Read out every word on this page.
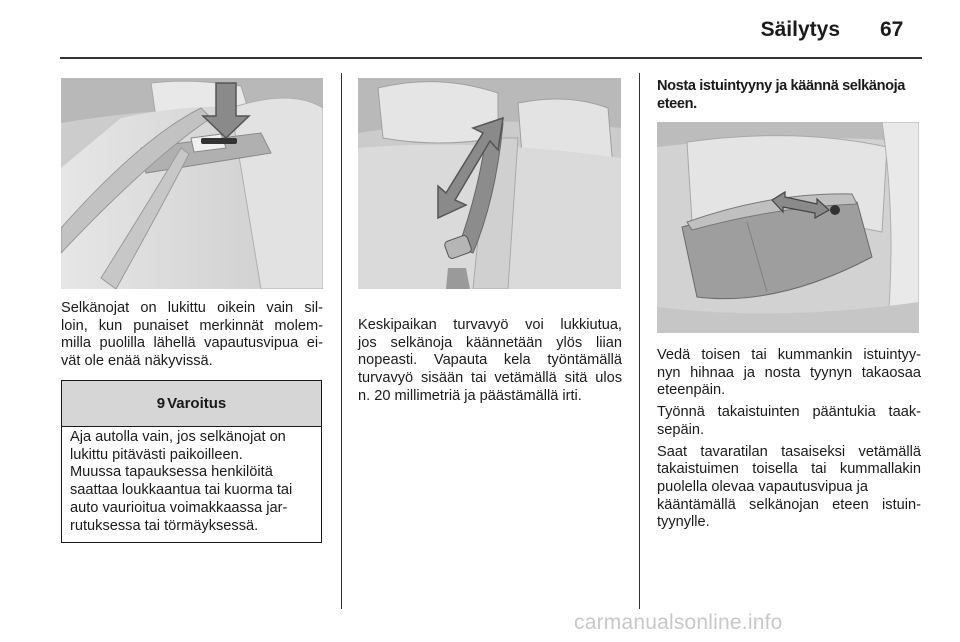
Säilytys 67
Selkänojat on lukittu oikein vain sil-
loin, kun punaiset merkinnät molem-
milla puolilla lähellä vapautusvipua ei-
vät ole enää näkyvissä.
9 Varoitus
Aja autolla vain, jos selkänojat on
lukittu pitävästi paikoilleen.
Muussa tapauksessa henkilöitä
saattaa loukkaantua tai kuorma tai
auto vaurioitua voimakkaassa jar-
rutuksessa tai törmäyksessä.
Keskipaikan turvavyö voi lukkiutua,
jos selkänoja käännetään ylös liian
nopeasti. Vapauta kela työntämällä
turvavyö sisään tai vetämällä sitä ulos
n. 20 millimetriä ja päästämällä irti.
Nosta istuintyyny ja käännä selkänoja
eteen.

Vedä toisen tai kummankin istuintyy-
nyn hihnaa ja nosta tyynyn takaosaa
eteenpäin.

Työnnä takaistuinten pääntukia taak-
sepäin.

Saat tavaratilan tasaiseksi vetämällä
takaistuimen toisella tai kummallakin
puolella olevaa vapautusvipua ja
kääntämällä selkänojan eteen istuin-
tyynylle.

carmanualsonline.info
